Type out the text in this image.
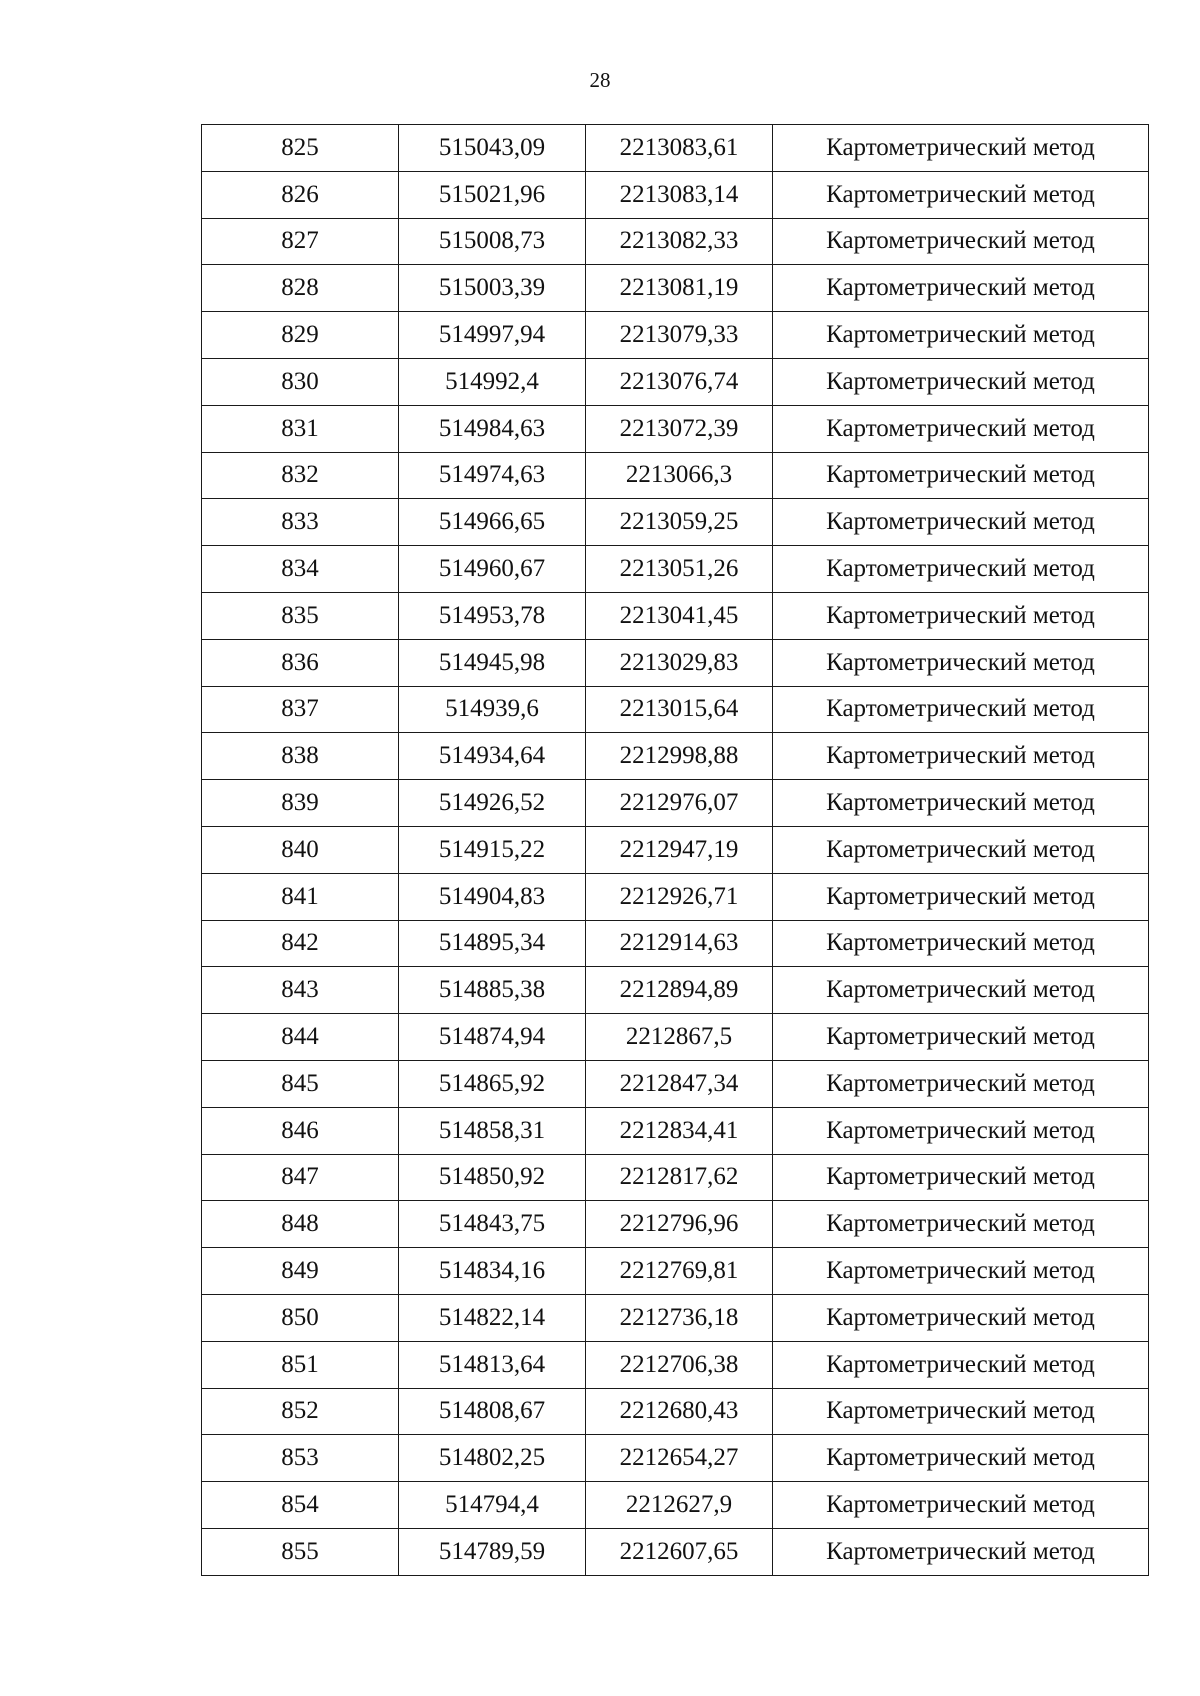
28
825	515043,09	2213083,61	Картометрический метод
826	515021,96	2213083,14	Картометрический метод
827	515008,73	2213082,33	Картометрический метод
828	515003,39	2213081,19	Картометрический метод
829	514997,94	2213079,33	Картометрический метод
830	514992,4	2213076,74	Картометрический метод
831	514984,63	2213072,39	Картометрический метод
832	514974,63	2213066,3	Картометрический метод
833	514966,65	2213059,25	Картометрический метод
834	514960,67	2213051,26	Картометрический метод
835	514953,78	2213041,45	Картометрический метод
836	514945,98	2213029,83	Картометрический метод
837	514939,6	2213015,64	Картометрический метод
838	514934,64	2212998,88	Картометрический метод
839	514926,52	2212976,07	Картометрический метод
840	514915,22	2212947,19	Картометрический метод
841	514904,83	2212926,71	Картометрический метод
842	514895,34	2212914,63	Картометрический метод
843	514885,38	2212894,89	Картометрический метод
844	514874,94	2212867,5	Картометрический метод
845	514865,92	2212847,34	Картометрический метод
846	514858,31	2212834,41	Картометрический метод
847	514850,92	2212817,62	Картометрический метод
848	514843,75	2212796,96	Картометрический метод
849	514834,16	2212769,81	Картометрический метод
850	514822,14	2212736,18	Картометрический метод
851	514813,64	2212706,38	Картометрический метод
852	514808,67	2212680,43	Картометрический метод
853	514802,25	2212654,27	Картометрический метод
854	514794,4	2212627,9	Картометрический метод
855	514789,59	2212607,65	Картометрический метод
